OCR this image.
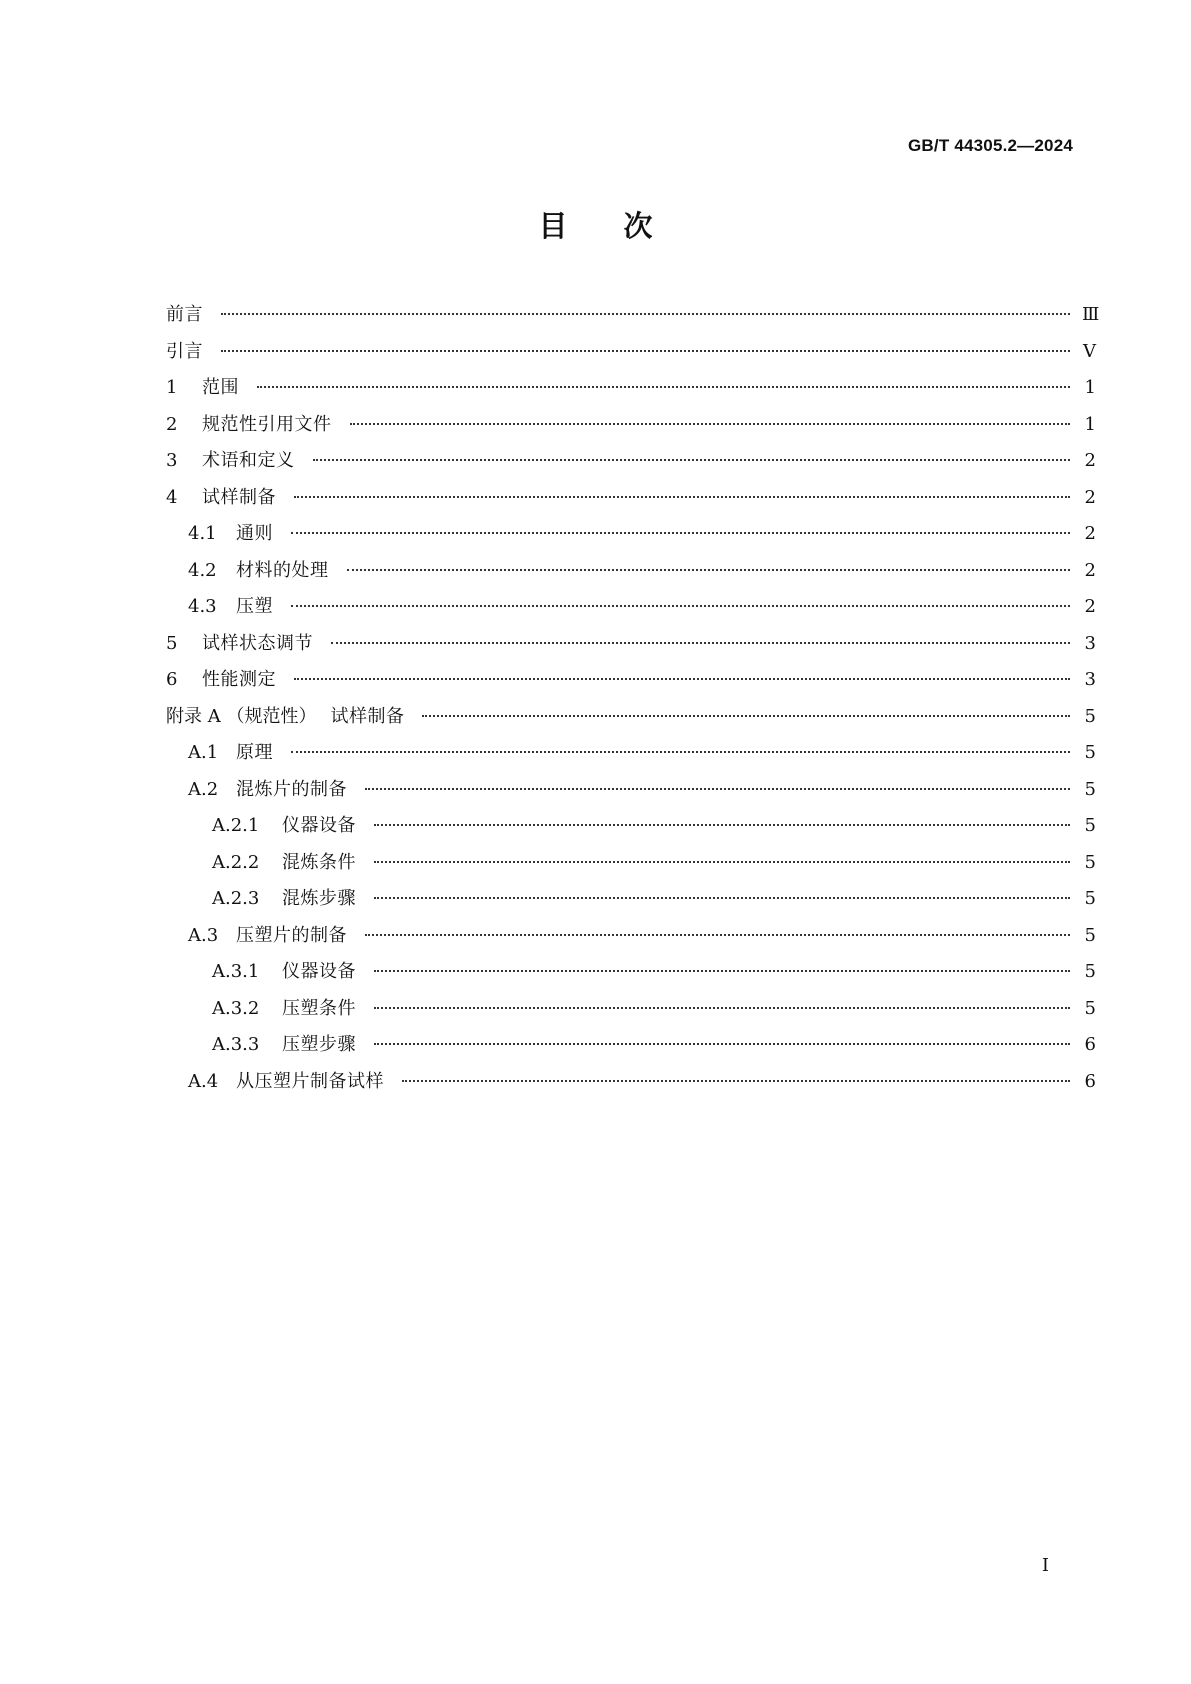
GB/T 44305.2—2024
目次
前言	Ⅲ
引言	Ⅴ
1	范围	1
2	规范性引用文件	1
3	术语和定义	2
4	试样制备	2
4.1 通则	2
4.2 材料的处理	2
4.3 压塑	2
5	试样状态调节	3
6	性能测定	3
附录 A （规范性） 试样制备	5
A.1 原理	5
A.2 混炼片的制备	5
A.2.1	仪器设备	5
A.2.2	混炼条件	5
A.2.3	混炼步骤	5
A.3 压塑片的制备	5
A.3.1	仪器设备	5
A.3.2	压塑条件	5
A.3.3	压塑步骤	6
A.4 从压塑片制备试样	6
Ⅰ
